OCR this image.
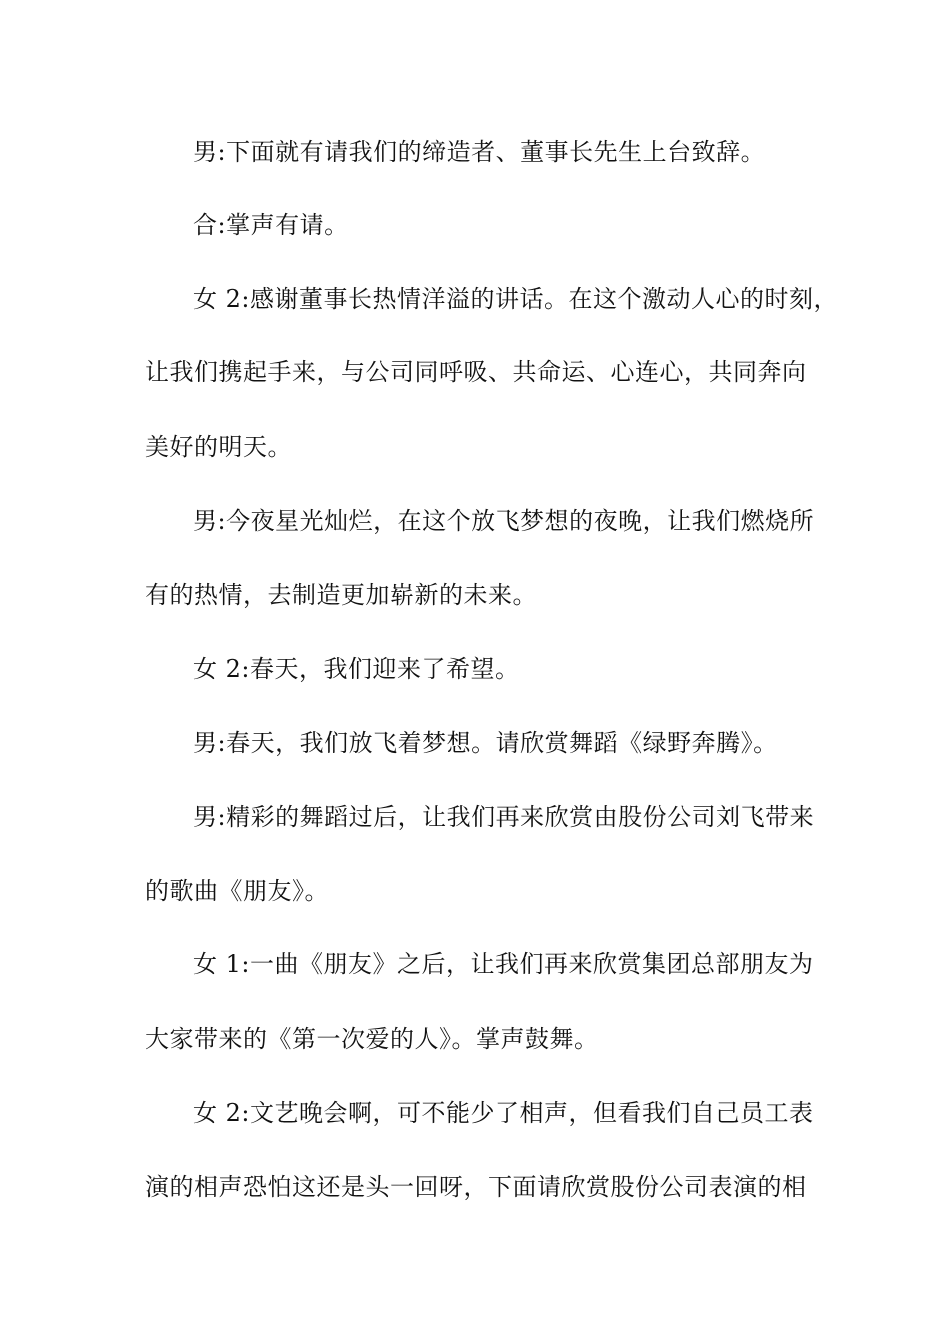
男:下面就有请我们的缔造者、董事长先生上台致辞。

合:掌声有请。

女 2:感谢董事长热情洋溢的讲话。在这个激动人心的时刻，

让我们携起手来，与公司同呼吸、共命运、心连心，共同奔向

美好的明天。

男:今夜星光灿烂，在这个放飞梦想的夜晚，让我们燃烧所

有的热情，去制造更加崭新的未来。

女 2:春天，我们迎来了希望。

男:春天，我们放飞着梦想。请欣赏舞蹈《绿野奔腾》。

男:精彩的舞蹈过后，让我们再来欣赏由股份公司刘飞带来

的歌曲《朋友》。

女 1:一曲《朋友》之后，让我们再来欣赏集团总部朋友为

大家带来的《第一次爱的人》。掌声鼓舞。

女 2:文艺晚会啊，可不能少了相声，但看我们自己员工表

演的相声恐怕这还是头一回呀，下面请欣赏股份公司表演的相
